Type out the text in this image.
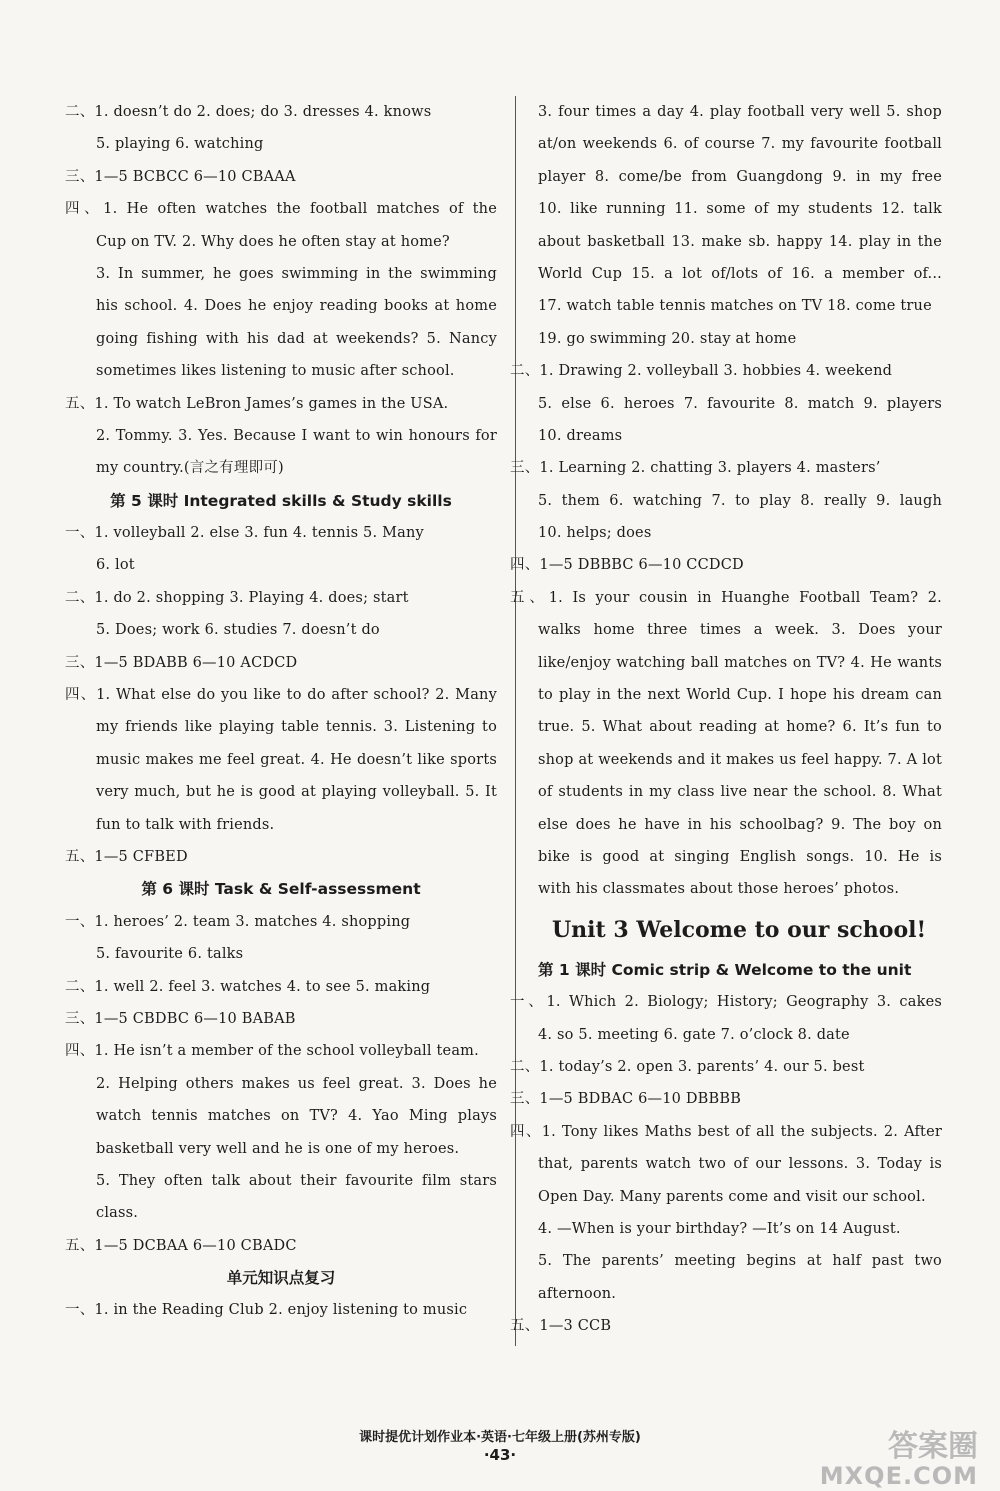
二、1. doesn’t do 2. does; do 3. dresses 4. knows
5. playing 6. watching
三、1—5 BCBCC 6—10 CBAAA
四、1. He often watches the football matches of the
Cup on TV. 2. Why does he often stay at home?
3. In summer, he goes swimming in the swimming
his school. 4. Does he enjoy reading books at home
going fishing with his dad at weekends? 5. Nancy
sometimes likes listening to music after school.
五、1. To watch LeBron James’s games in the USA.
2. Tommy. 3. Yes. Because I want to win honours for
my country.(言之有理即可)
第 5 课时 Integrated skills & Study skills
一、1. volleyball 2. else 3. fun 4. tennis 5. Many
6. lot
二、1. do 2. shopping 3. Playing 4. does; start
5. Does; work 6. studies 7. doesn’t do
三、1—5 BDABB 6—10 ACDCD
四、1. What else do you like to do after school? 2. Many
my friends like playing table tennis. 3. Listening to
music makes me feel great. 4. He doesn’t like sports
very much, but he is good at playing volleyball. 5. It
fun to talk with friends.
五、1—5 CFBED
第 6 课时 Task & Self-assessment
一、1. heroes’ 2. team 3. matches 4. shopping
5. favourite 6. talks
二、1. well 2. feel 3. watches 4. to see 5. making
三、1—5 CBDBC 6—10 BABAB
四、1. He isn’t a member of the school volleyball team.
2. Helping others makes us feel great. 3. Does he
watch tennis matches on TV? 4. Yao Ming plays
basketball very well and he is one of my heroes.
5. They often talk about their favourite film stars
class.
五、1—5 DCBAA 6—10 CBADC
单元知识点复习
一、1. in the Reading Club 2. enjoy listening to music
3. four times a day 4. play football very well 5. shop
at/on weekends 6. of course 7. my favourite football
player 8. come/be from Guangdong 9. in my free
10. like running 11. some of my students 12. talk
about basketball 13. make sb. happy 14. play in the
World Cup 15. a lot of/lots of 16. a member of...
17. watch table tennis matches on TV 18. come true
19. go swimming 20. stay at home
二、1. Drawing 2. volleyball 3. hobbies 4. weekend
5. else 6. heroes 7. favourite 8. match 9. players
10. dreams
三、1. Learning 2. chatting 3. players 4. masters’
5. them 6. watching 7. to play 8. really 9. laugh
10. helps; does
四、1—5 DBBBC 6—10 CCDCD
五、1. Is your cousin in Huanghe Football Team? 2.
walks home three times a week. 3. Does your
like/enjoy watching ball matches on TV? 4. He wants
to play in the next World Cup. I hope his dream can
true. 5. What about reading at home? 6. It’s fun to
shop at weekends and it makes us feel happy. 7. A lot
of students in my class live near the school. 8. What
else does he have in his schoolbag? 9. The boy on
bike is good at singing English songs. 10. He is
with his classmates about those heroes’ photos.
Unit 3 Welcome to our school!
第 1 课时 Comic strip & Welcome to the unit
一、1. Which 2. Biology; History; Geography 3. cakes
4. so 5. meeting 6. gate 7. o’clock 8. date
二、1. today’s 2. open 3. parents’ 4. our 5. best
三、1—5 BDBAC 6—10 DBBBB
四、1. Tony likes Maths best of all the subjects. 2. After
that, parents watch two of our lessons. 3. Today is
Open Day. Many parents come and visit our school.
4. —When is your birthday? —It’s on 14 August.
5. The parents’ meeting begins at half past two
afternoon.
五、1—3 CCB
课时提优计划作业本·英语·七年级上册(苏州专版)
·43·	答案圈
MXQE.COM
